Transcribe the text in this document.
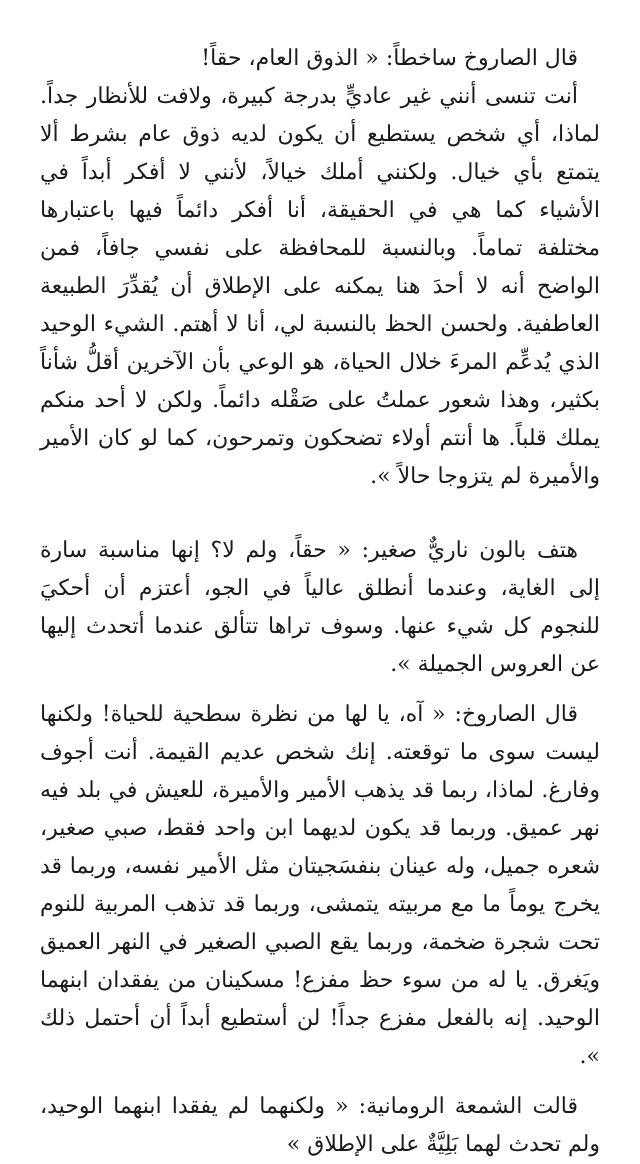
قال الصاروخ ساخطاً: « الذوق العام، حقاً!

أنت تنسى أنني غير عاديٍّ بدرجة كبيرة، ولافت للأنظار جداً. لماذا، أي شخص يستطيع أن يكون لديه ذوق عام بشرط ألا يتمتع بأي خيال. ولكنني أملك خيالاً، لأنني لا أفكر أبداً في الأشياء كما هي في الحقيقة، أنا أفكر دائماً فيها باعتبارها مختلفة تماماً. وبالنسبة للمحافظة على نفسي جافاً، فمن الواضح أنه لا أحدَ هنا يمكنه على الإطلاق أن يُقدِّرَ الطبيعة العاطفية. ولحسن الحظ بالنسبة لي، أنا لا أهتم. الشيء الوحيد الذي يُدعِّم المرءَ خلال الحياة، هو الوعي بأن الآخرين أقلُّ شأناً بكثير، وهذا شعور عملتُ على صَقْله دائماً. ولكن لا أحد منكم يملك قلباً. ها أنتم أولاء تضحكون وتمرحون، كما لو كان الأمير والأميرة لم يتزوجا حالاً ».

هتف بالون ناريٌّ صغير: « حقاً، ولم لا؟ إنها مناسبة سارة إلى الغاية، وعندما أنطلق عالياً في الجو، أعتزم أن أحكيَ للنجوم كل شيء عنها. وسوف تراها تتألق عندما أتحدث إليها عن العروس الجميلة ».

قال الصاروخ: « آه، يا لها من نظرة سطحية للحياة! ولكنها ليست سوى ما توقعته. إنك شخص عديم القيمة. أنت أجوف وفارغ. لماذا، ربما قد يذهب الأمير والأميرة، للعيش في بلد فيه نهر عميق. وربما قد يكون لديهما ابن واحد فقط، صبي صغير، شعره جميل، وله عينان بنفسَجيتان مثل الأمير نفسه، وربما قد يخرج يوماً ما مع مربيته يتمشى، وربما قد تذهب المربية للنوم تحت شجرة ضخمة، وربما يقع الصبي الصغير في النهر العميق ويَغرق. يا له من سوء حظ مفزع! مسكينان من يفقدان ابنهما الوحيد. إنه بالفعل مفزع جداً! لن أستطيع أبداً أن أحتمل ذلك ».

قالت الشمعة الرومانية: « ولكنهما لم يفقدا ابنهما الوحيد، ولم تحدث لهما بَلِيَّةٌ على الإطلاق »
